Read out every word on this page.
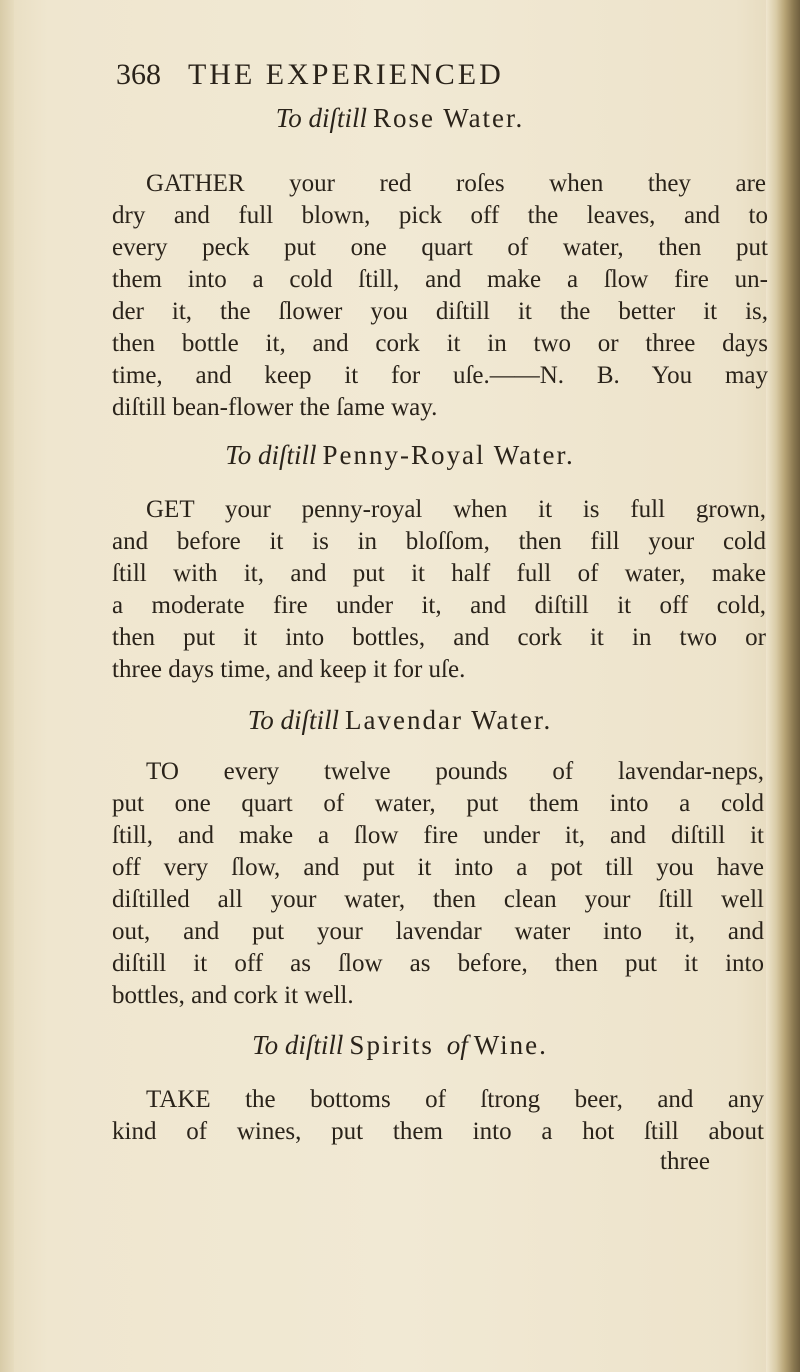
368 THE EXPERIENCED
To diſtill Rose Water.
GATHER your red roſes when they are
dry and full blown, pick off the leaves, and to
every peck put one quart of water, then put
them into a cold ſtill, and make a ſlow fire un-
der it, the ſlower you diſtill it the better it is,
then bottle it, and cork it in two or three days
time, and keep it for uſe.——N. B. You may
diſtill bean-flower the ſame way.
To diſtill Penny-Royal Water.
GET your penny-royal when it is full grown,
and before it is in bloſſom, then fill your cold
ſtill with it, and put it half full of water, make
a moderate fire under it, and diſtill it off cold,
then put it into bottles, and cork it in two or
three days time, and keep it for uſe.
To diſtill Lavendar Water.
TO every twelve pounds of lavendar-neps,
put one quart of water, put them into a cold
ſtill, and make a ſlow fire under it, and diſtill it
off very ſlow, and put it into a pot till you have
diſtilled all your water, then clean your ſtill well
out, and put your lavendar water into it, and
diſtill it off as ſlow as before, then put it into
bottles, and cork it well.
To diſtill Spirits of Wine.
TAKE the bottoms of ſtrong beer, and any
kind of wines, put them into a hot ſtill about
three
